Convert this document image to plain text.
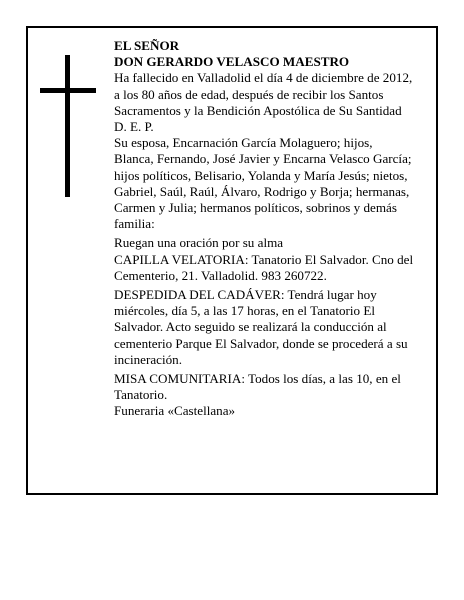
EL SEÑOR

DON GERARDO VELASCO MAESTRO

Ha fallecido en Valladolid el día 4 de diciembre de 2012, a los 80 años de edad, después de recibir los Santos Sacramentos y la Bendición Apostólica de Su Santidad

D. E. P.

Su esposa, Encarnación García Molaguero; hijos, Blanca, Fernando, José Javier y Encarna Velasco García; hijos políticos, Belisario, Yolanda y María Jesús; nietos, Gabriel, Saúl, Raúl, Álvaro, Rodrigo y Borja; hermanas, Carmen y Julia; hermanos políticos, sobrinos y demás familia:

Ruegan una oración por su alma

CAPILLA VELATORIA: Tanatorio El Salvador. Cno del Cementerio, 21. Valladolid. 983 260722.

DESPEDIDA DEL CADÁVER: Tendrá lugar hoy miércoles, día 5, a las 17 horas, en el Tanatorio El Salvador. Acto seguido se realizará la conducción al cementerio Parque El Salvador, donde se procederá a su incineración.

MISA COMUNITARIA: Todos los días, a las 10, en el Tanatorio.

Funeraria «Castellana»
